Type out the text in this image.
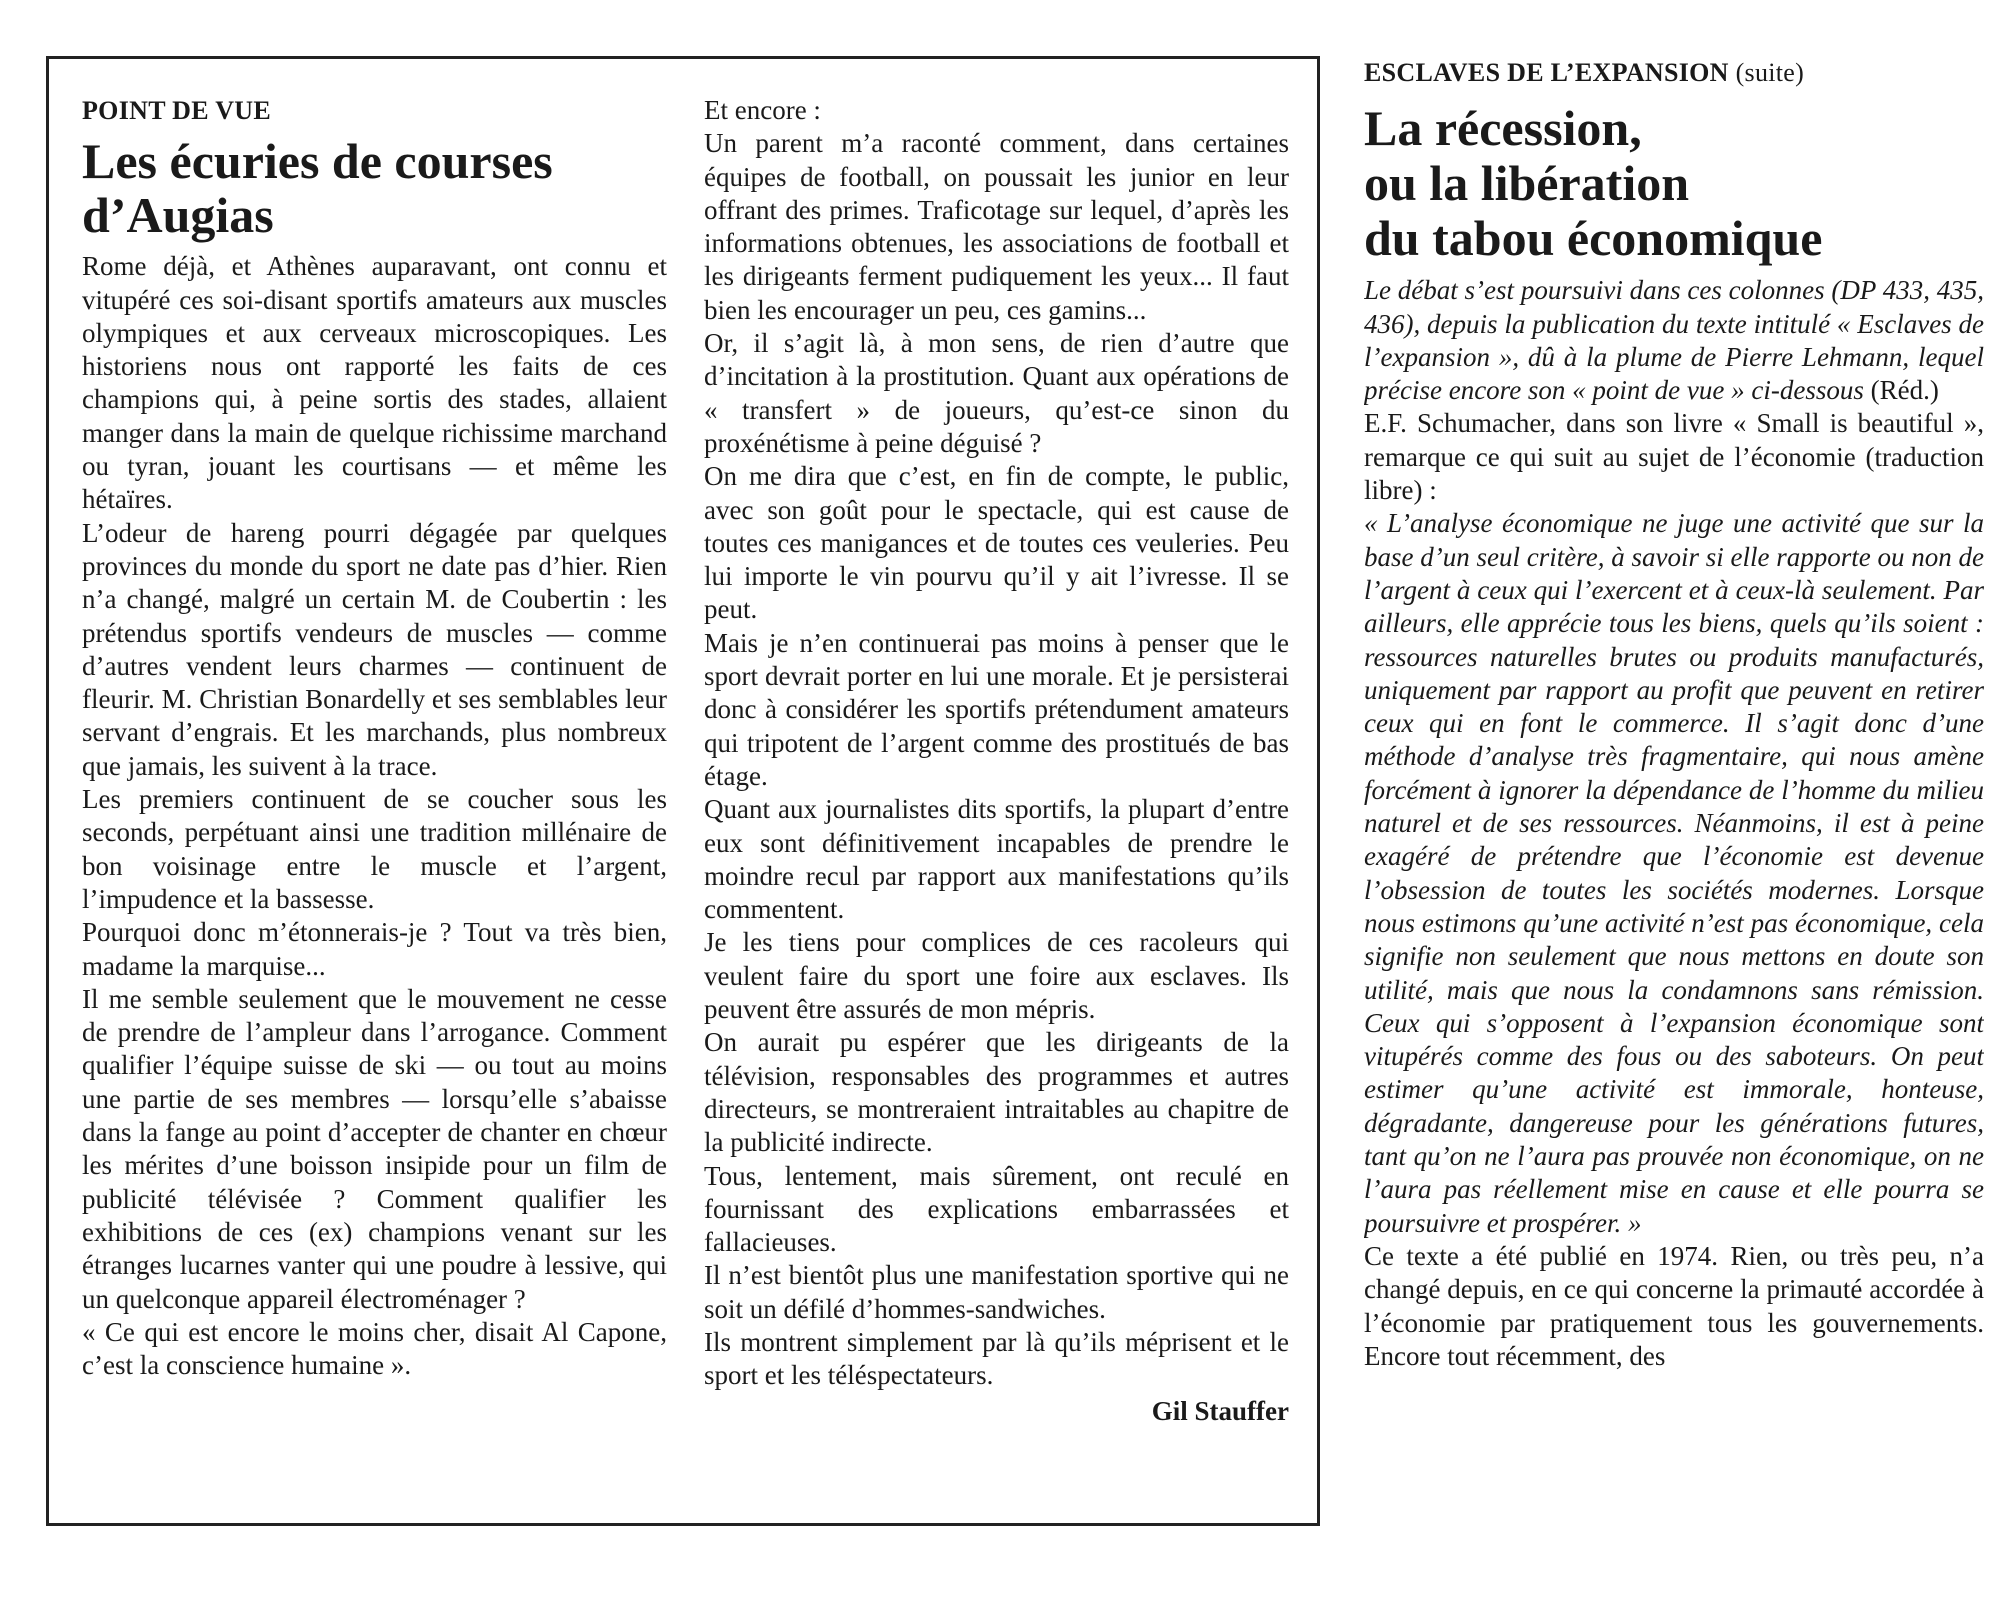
POINT DE VUE
Les écuries de courses
d’Augias

Rome déjà, et Athènes auparavant, ont connu et vitupéré ces soi-disant sportifs amateurs aux muscles olympiques et aux cerveaux microscopiques. Les historiens nous ont rapporté les faits de ces champions qui, à peine sortis des stades, allaient manger dans la main de quelque richissime marchand ou tyran, jouant les courtisans — et même les hétaïres.

L’odeur de hareng pourri dégagée par quelques provinces du monde du sport ne date pas d’hier. Rien n’a changé, malgré un certain M. de Coubertin : les prétendus sportifs vendeurs de muscles — comme d’autres vendent leurs charmes — continuent de fleurir. M. Christian Bonardelly et ses semblables leur servant d’engrais. Et les marchands, plus nombreux que jamais, les suivent à la trace.

Les premiers continuent de se coucher sous les seconds, perpétuant ainsi une tradition millénaire de bon voisinage entre le muscle et l’argent, l’impudence et la bassesse.

Pourquoi donc m’étonnerais-je ? Tout va très bien, madame la marquise...

Il me semble seulement que le mouvement ne cesse de prendre de l’ampleur dans l’arrogance. Comment qualifier l’équipe suisse de ski — ou tout au moins une partie de ses membres — lorsqu’elle s’abaisse dans la fange au point d’accepter de chanter en chœur les mérites d’une boisson insipide pour un film de publicité télévisée ? Comment qualifier les exhibitions de ces (ex) champions venant sur les étranges lucarnes vanter qui une poudre à lessive, qui un quelconque appareil électroménager ?

« Ce qui est encore le moins cher, disait Al Capone, c’est la conscience humaine ».

Et encore :

Un parent m’a raconté comment, dans certaines équipes de football, on poussait les junior en leur offrant des primes. Traficotage sur lequel, d’après les informations obtenues, les associations de football et les dirigeants ferment pudiquement les yeux... Il faut bien les encourager un peu, ces gamins...

Or, il s’agit là, à mon sens, de rien d’autre que d’incitation à la prostitution. Quant aux opérations de « transfert » de joueurs, qu’est-ce sinon du proxénétisme à peine déguisé ?

On me dira que c’est, en fin de compte, le public, avec son goût pour le spectacle, qui est cause de toutes ces manigances et de toutes ces veuleries. Peu lui importe le vin pourvu qu’il y ait l’ivresse. Il se peut.

Mais je n’en continuerai pas moins à penser que le sport devrait porter en lui une morale. Et je persisterai donc à considérer les sportifs prétendument amateurs qui tripotent de l’argent comme des prostitués de bas étage.

Quant aux journalistes dits sportifs, la plupart d’entre eux sont définitivement incapables de prendre le moindre recul par rapport aux manifestations qu’ils commentent.

Je les tiens pour complices de ces racoleurs qui veulent faire du sport une foire aux esclaves. Ils peuvent être assurés de mon mépris.

On aurait pu espérer que les dirigeants de la télévision, responsables des programmes et autres directeurs, se montreraient intraitables au chapitre de la publicité indirecte.

Tous, lentement, mais sûrement, ont reculé en fournissant des explications embarrassées et fallacieuses.

Il n’est bientôt plus une manifestation sportive qui ne soit un défilé d’hommes-sandwiches.

Ils montrent simplement par là qu’ils méprisent et le sport et les téléspectateurs.

Gil Stauffer

ESCLAVES DE L’EXPANSION (suite)
La récession,
ou la libération
du tabou économique

Le débat s’est poursuivi dans ces colonnes (DP 433, 435, 436), depuis la publication du texte intitulé « Esclaves de l’expansion », dû à la plume de Pierre Lehmann, lequel précise encore son « point de vue » ci-dessous (Réd.)

E.F. Schumacher, dans son livre « Small is beautiful », remarque ce qui suit au sujet de l’économie (traduction libre) :

« L’analyse économique ne juge une activité que sur la base d’un seul critère, à savoir si elle rapporte ou non de l’argent à ceux qui l’exercent et à ceux-là seulement. Par ailleurs, elle apprécie tous les biens, quels qu’ils soient : ressources naturelles brutes ou produits manufacturés, uniquement par rapport au profit que peuvent en retirer ceux qui en font le commerce. Il s’agit donc d’une méthode d’analyse très fragmentaire, qui nous amène forcément à ignorer la dépendance de l’homme du milieu naturel et de ses ressources. Néanmoins, il est à peine exagéré de prétendre que l’économie est devenue l’obsession de toutes les sociétés modernes. Lorsque nous estimons qu’une activité n’est pas économique, cela signifie non seulement que nous mettons en doute son utilité, mais que nous la condamnons sans rémission. Ceux qui s’opposent à l’expansion économique sont vitupérés comme des fous ou des saboteurs. On peut estimer qu’une activité est immorale, honteuse, dégradante, dangereuse pour les générations futures, tant qu’on ne l’aura pas prouvée non économique, on ne l’aura pas réellement mise en cause et elle pourra se poursuivre et prospérer. »

Ce texte a été publié en 1974. Rien, ou très peu, n’a changé depuis, en ce qui concerne la primauté accordée à l’économie par pratiquement tous les gouvernements. Encore tout récemment, des
